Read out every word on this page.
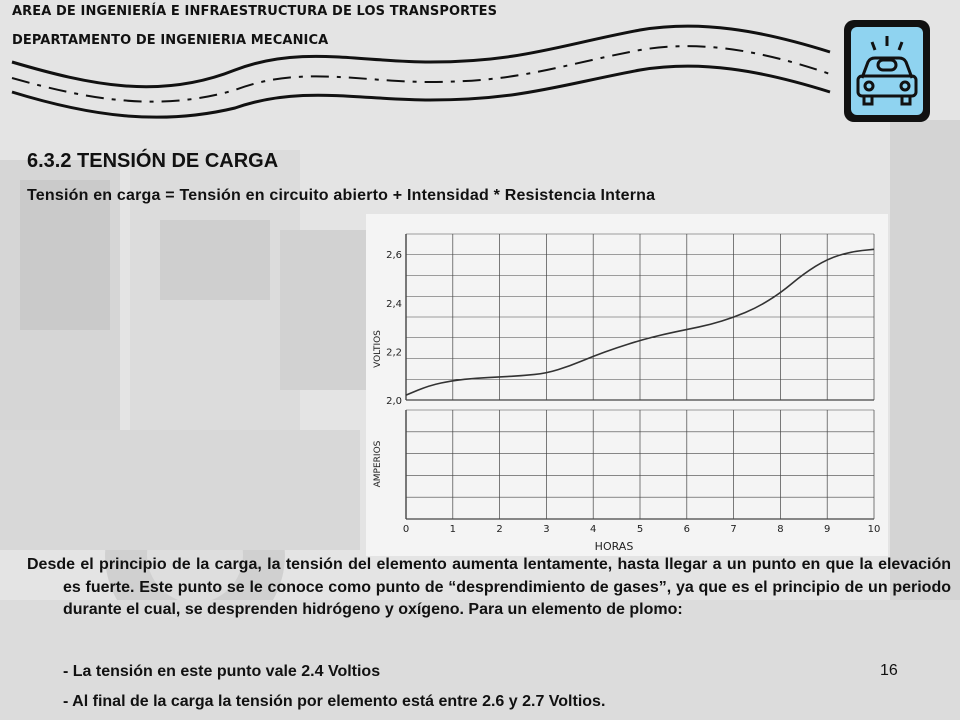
AREA DE INGENIERÍA E INFRAESTRUCTURA DE LOS TRANSPORTES
DEPARTAMENTO DE INGENIERIA MECANICA
6.3.2 TENSIÓN DE CARGA
Tensión en carga = Tensión en circuito abierto + Intensidad * Resistencia Interna
VOLTIOS
AMPERIOS
HORAS
0	1	2	3	4	5	6	7	8	9	10
2,0
2,2
2,4
2,6

Desde el principio de la carga, la tensión del elemento aumenta lentamente, hasta llegar a un punto en que la elevación es fuerte. Este punto se le conoce como punto de “desprendimiento de gases”, ya que es el principio de un periodo durante el cual, se desprenden hidrógeno y oxígeno. Para un elemento de plomo:

- La tensión en este punto vale 2.4 Voltios
- Al final de la carga la tensión por elemento está entre 2.6 y 2.7 Voltios.
16
